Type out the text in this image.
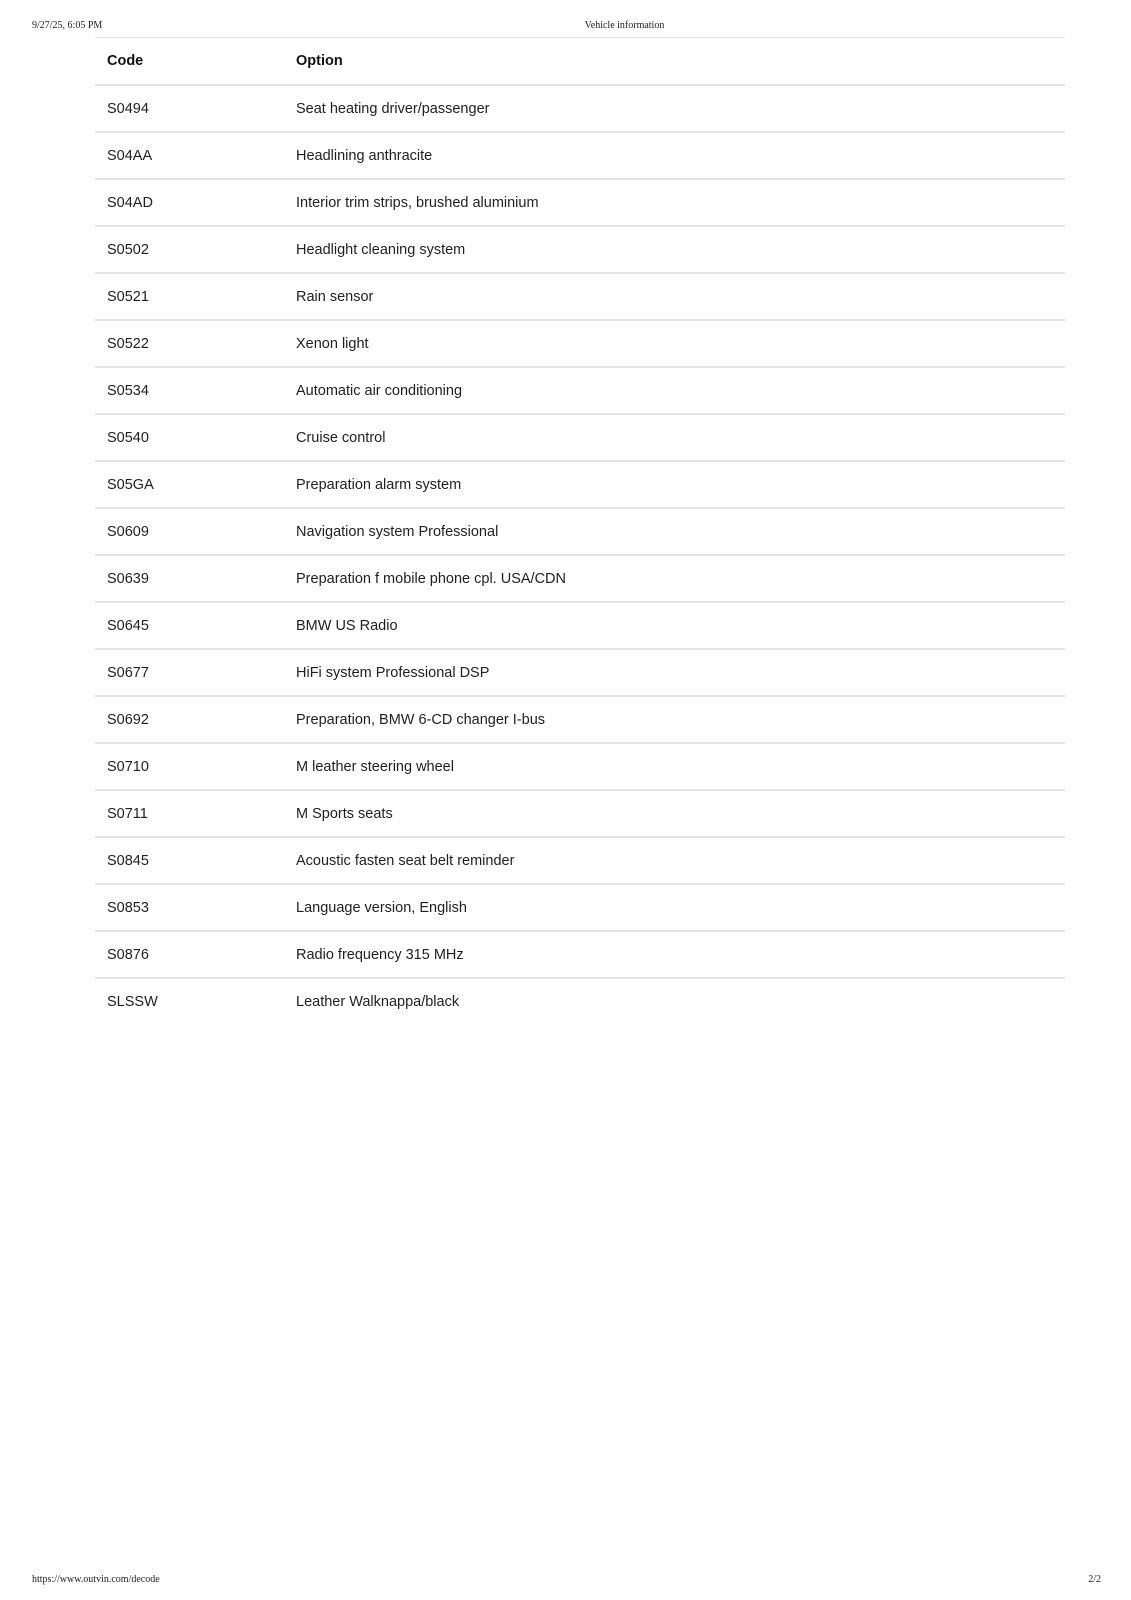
9/27/25, 6:05 PM	Vehicle information
Code	Option
S0494	Seat heating driver/passenger
S04AA	Headlining anthracite
S04AD	Interior trim strips, brushed aluminium
S0502	Headlight cleaning system
S0521	Rain sensor
S0522	Xenon light
S0534	Automatic air conditioning
S0540	Cruise control
S05GA	Preparation alarm system
S0609	Navigation system Professional
S0639	Preparation f mobile phone cpl. USA/CDN
S0645	BMW US Radio
S0677	HiFi system Professional DSP
S0692	Preparation, BMW 6-CD changer I-bus
S0710	M leather steering wheel
S0711	M Sports seats
S0845	Acoustic fasten seat belt reminder
S0853	Language version, English
S0876	Radio frequency 315 MHz
SLSSW	Leather Walknappa/black
https://www.outvin.com/decode	2/2
